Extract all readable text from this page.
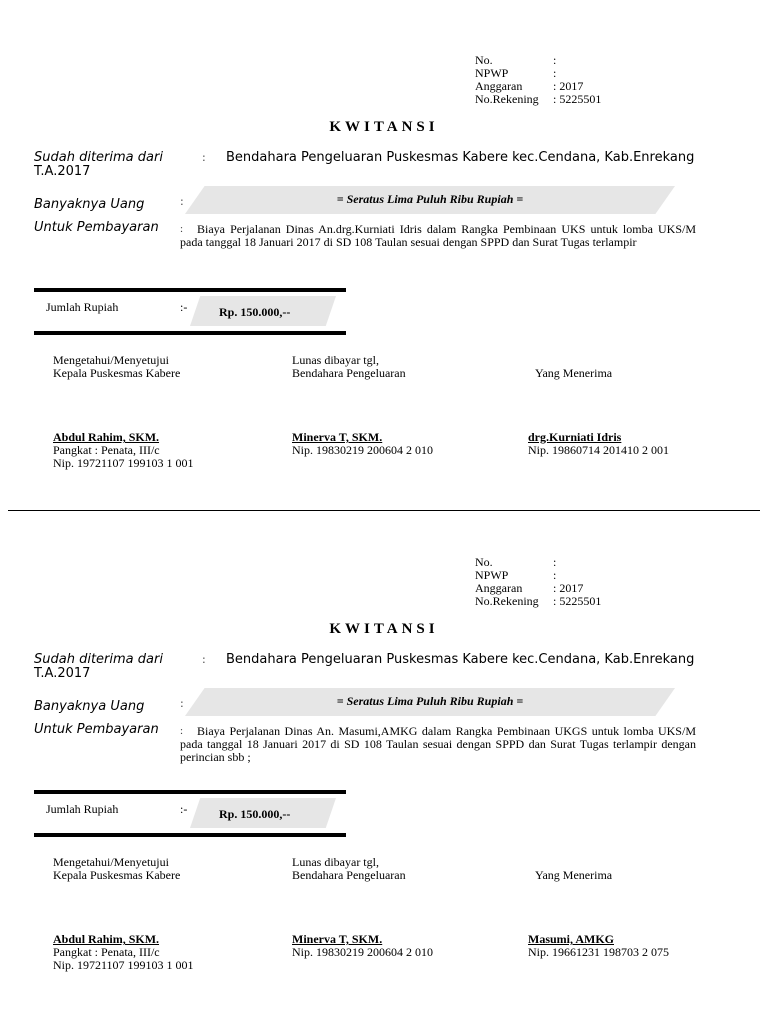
No.	:
NPWP	:
Anggaran	: 2017
No.Rekening	: 5225501
KWITANSI
Sudah diterima dari	: Bendahara Pengeluaran Puskesmas Kabere kec.Cendana, Kab.Enrekang T.A.2017
Banyaknya Uang	:	= Seratus Lima Puluh Ribu Rupiah =
Untuk Pembayaran :	Biaya Perjalanan Dinas An.drg.Kurniati Idris dalam Rangka Pembinaan UKS untuk lomba UKS/M pada tanggal 18 Januari 2017 di SD 108 Taulan sesuai dengan SPPD dan Surat Tugas terlampir
Jumlah Rupiah	:-	Rp. 150.000,--
Mengetahui/Menyetujui
Kepala Puskesmas Kabere
Lunas dibayar tgl,
Bendahara Pengeluaran	Yang Menerima
Abdul Rahim, SKM.
Pangkat : Penata, III/c
Nip. 19721107 199103 1 001
Minerva T, SKM.
Nip. 19830219 200604 2 010
drg.Kurniati Idris
Nip. 19860714 201410 2 001
No.	:
NPWP	:
Anggaran	: 2017
No.Rekening	: 5225501
KWITANSI
Sudah diterima dari	: Bendahara Pengeluaran Puskesmas Kabere kec.Cendana, Kab.Enrekang T.A.2017
Banyaknya Uang	:	= Seratus Lima Puluh Ribu Rupiah =
Untuk Pembayaran :	Biaya Perjalanan Dinas An. Masumi,AMKG dalam Rangka Pembinaan UKGS untuk lomba UKS/M pada tanggal 18 Januari 2017 di SD 108 Taulan sesuai dengan SPPD dan Surat Tugas terlampir dengan perincian sbb ;
Jumlah Rupiah	:-	Rp. 150.000,--
Mengetahui/Menyetujui
Kepala Puskesmas Kabere
Lunas dibayar tgl,
Bendahara Pengeluaran	Yang Menerima
Abdul Rahim, SKM.
Pangkat : Penata, III/c
Nip. 19721107 199103 1 001
Minerva T, SKM.
Nip. 19830219 200604 2 010
Masumi, AMKG
Nip. 19661231 198703 2 075
